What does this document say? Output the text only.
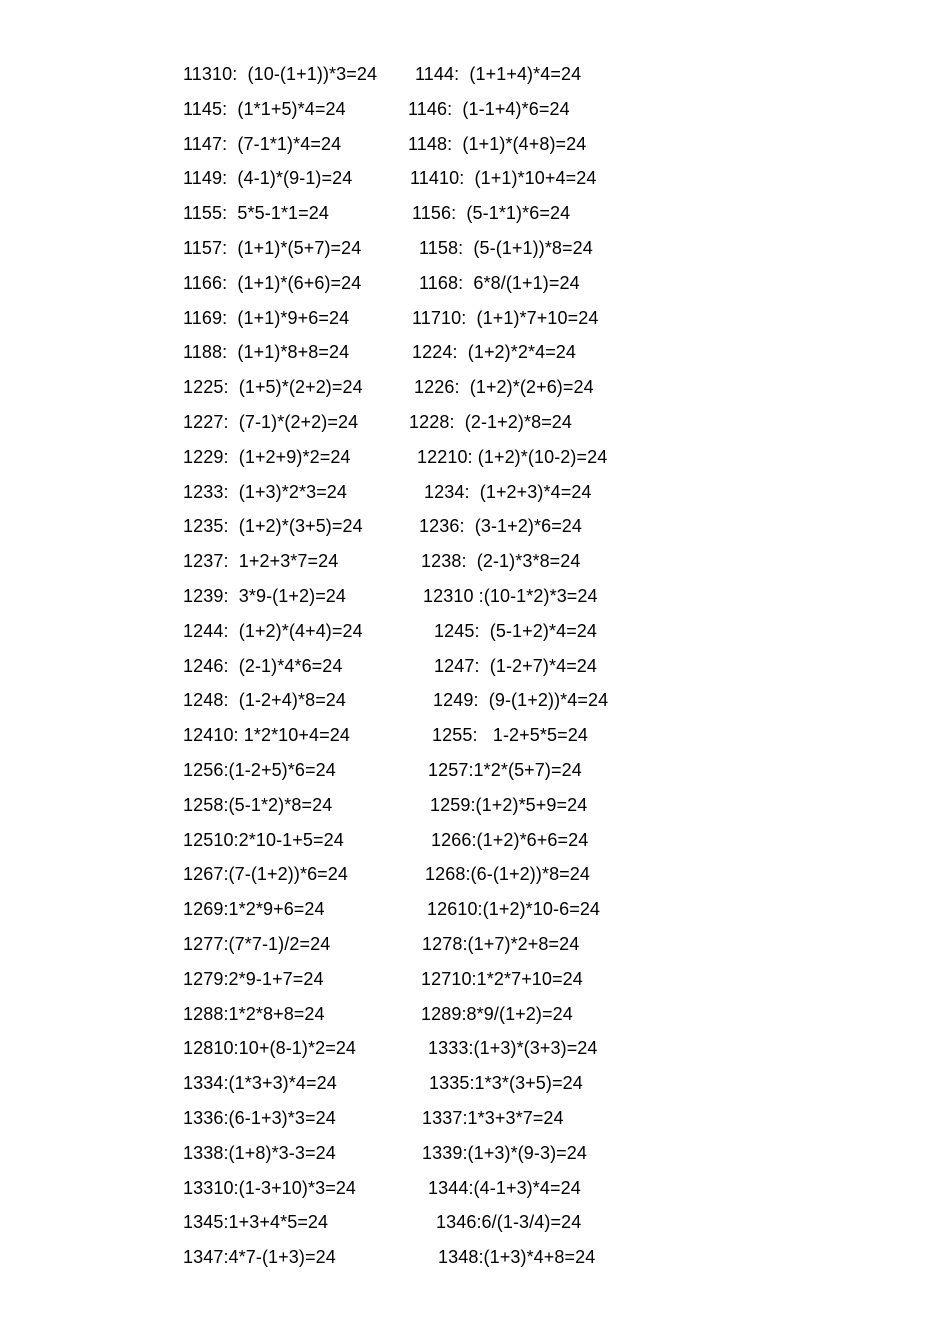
11310:  (10-(1+1))*3=24 1144:  (1+1+4)*4=24
1145:  (1*1+5)*4=24	1146:  (1-1+4)*6=24
1147:  (7-1*1)*4=24	1148:  (1+1)*(4+8)=24
1149:  (4-1)*(9-1)=24	11410:  (1+1)*10+4=24
1155:  5*5-1*1=24	1156:  (5-1*1)*6=24
1157:  (1+1)*(5+7)=24	1158:  (5-(1+1))*8=24
1166:  (1+1)*(6+6)=24	1168:  6*8/(1+1)=24
1169:  (1+1)*9+6=24	11710:  (1+1)*7+10=24
1188:  (1+1)*8+8=24	1224:  (1+2)*2*4=24
1225:  (1+5)*(2+2)=24	1226:  (1+2)*(2+6)=24
1227:  (7-1)*(2+2)=24	1228:  (2-1+2)*8=24
1229:  (1+2+9)*2=24	12210: (1+2)*(10-2)=24
1233:  (1+3)*2*3=24	1234:  (1+2+3)*4=24
1235:  (1+2)*(3+5)=24	1236:  (3-1+2)*6=24
1237:  1+2+3*7=24	1238:  (2-1)*3*8=24
1239:  3*9-(1+2)=24	12310 :(10-1*2)*3=24
1244:  (1+2)*(4+4)=24	1245:  (5-1+2)*4=24
1246:  (2-1)*4*6=24	1247:  (1-2+7)*4=24
1248:  (1-2+4)*8=24	1249:  (9-(1+2))*4=24
12410: 1*2*10+4=24	1255:   1-2+5*5=24
1256:(1-2+5)*6=24	1257:1*2*(5+7)=24
1258:(5-1*2)*8=24	1259:(1+2)*5+9=24
12510:2*10-1+5=24	1266:(1+2)*6+6=24
1267:(7-(1+2))*6=24	1268:(6-(1+2))*8=24
1269:1*2*9+6=24	12610:(1+2)*10-6=24
1277:(7*7-1)/2=24	1278:(1+7)*2+8=24
1279:2*9-1+7=24	12710:1*2*7+10=24
1288:1*2*8+8=24	1289:8*9/(1+2)=24
12810:10+(8-1)*2=24	1333:(1+3)*(3+3)=24
1334:(1*3+3)*4=24	1335:1*3*(3+5)=24
1336:(6-1+3)*3=24	1337:1*3+3*7=24
1338:(1+8)*3-3=24	1339:(1+3)*(9-3)=24
13310:(1-3+10)*3=24	1344:(4-1+3)*4=24
1345:1+3+4*5=24	1346:6/(1-3/4)=24
1347:4*7-(1+3)=24	1348:(1+3)*4+8=24
